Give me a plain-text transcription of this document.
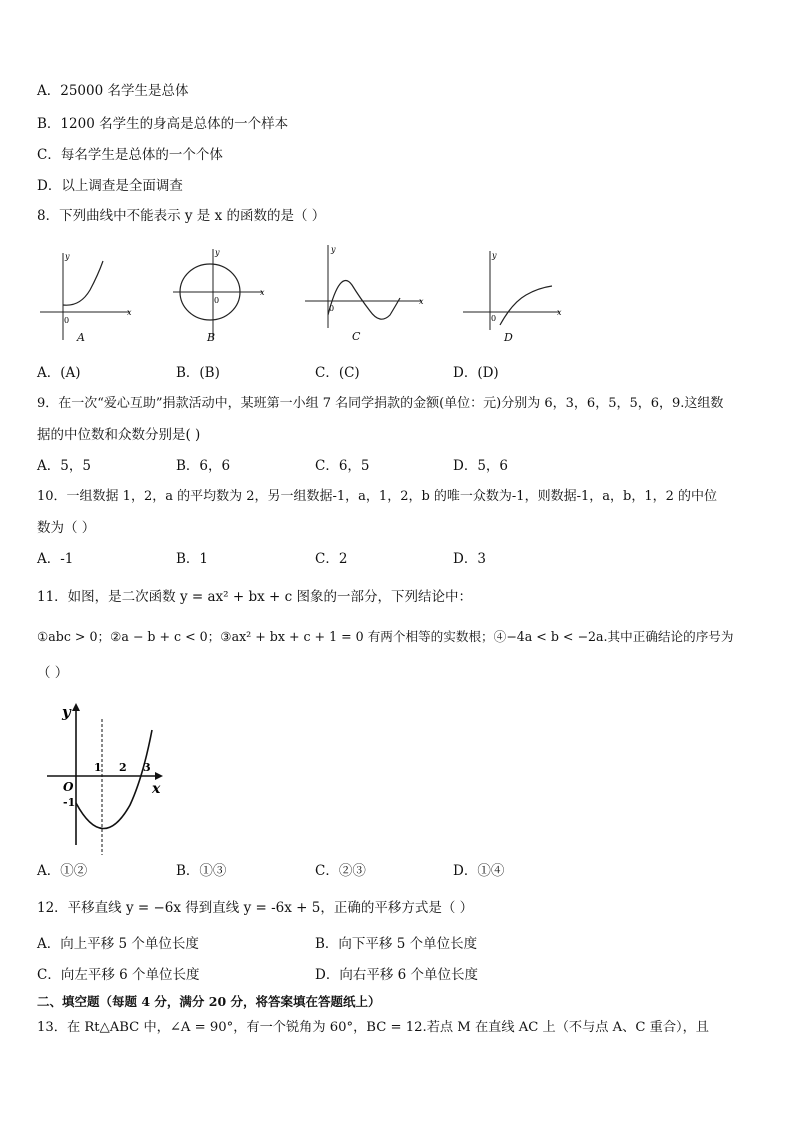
A．25000 名学生是总体
B．1200 名学生的身高是总体的一个样本
C．每名学生是总体的一个个体
D．以上调查是全面调查
8．下列曲线中不能表示 y 是 x 的函数的是（ ）
0
y
x
A
0
y
x
B
0
y
x
C
0
y
x
D
A．(A)	B．(B)	C．(C)	D．(D)
9．在一次“爱心互助”捐款活动中，某班第一小组 7 名同学捐款的金额(单位：元)分别为 6，3，6，5，5，6，9.这组数
据的中位数和众数分别是( )
A．5，5	B．6，6	C．6，5	D．5，6
10．一组数据 1，2，a 的平均数为 2，另一组数据-1，a，1，2，b 的唯一众数为-1，则数据-1，a，b，1，2 的中位
数为（ ）
A．-1	B．1	C．2	D．3
11．如图，是二次函数 y = ax² + bx + c 图象的一部分，下列结论中：
①abc > 0；②a − b + c < 0；③ax² + bx + c + 1 = 0 有两个相等的实数根；④−4a < b < −2a.其中正确结论的序号为
（ ）
y
x
O
-1
1 2 3
A．①②	B．①③	C．②③	D．①④
12．平移直线 y = −6x 得到直线 y = -6x + 5，正确的平移方式是（ ）
A．向上平移 5 个单位长度	B．向下平移 5 个单位长度
C．向左平移 6 个单位长度	D．向右平移 6 个单位长度
二、填空题（每题 4 分，满分 20 分，将答案填在答题纸上）
13．在 Rt△ABC 中，∠A = 90°，有一个锐角为 60°，BC = 12.若点 M 在直线 AC 上（不与点 A、C 重合），且
